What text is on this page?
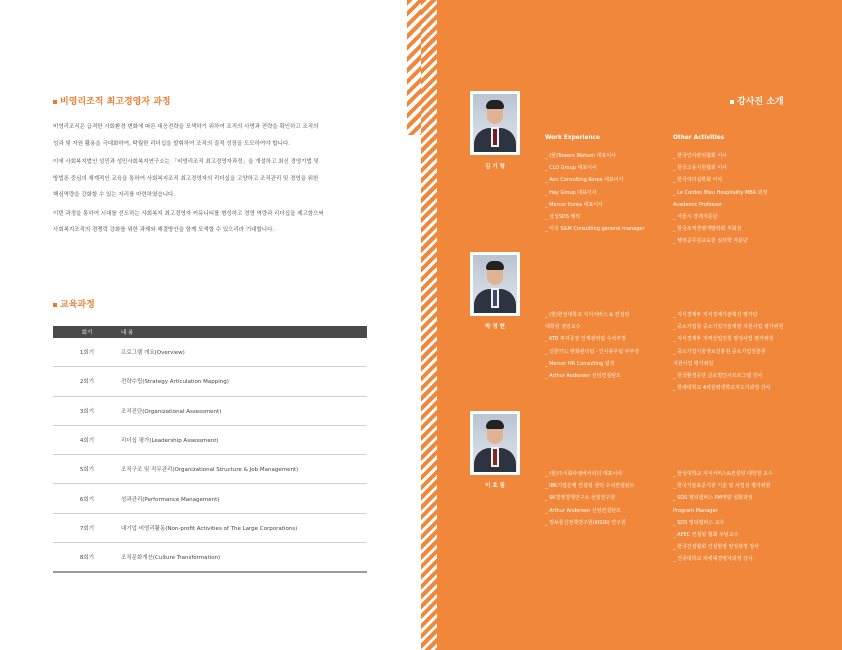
비영리조직 최고경영자 과정

비영리조직은 급격한 사회환경 변화에 따른 대응전략을 모색하기 위하여 조직의 사명과 전략을 확인하고 조직의

성과 및 자원 활용을 극대화하여, 탁월한 리더십을 발휘하여 조직의 질적 성장을 도모하여야 합니다.

이에 사회복지법인 성민과 성민사회복지연구소는 「비영리조직 최고경영자과정」을 개설하고 최신 경영기법 및

방법론 중심의 체계적인 교육을 통하여 사회복지조직 최고경영자의 리더십을 고양하고 조직관리 및 경영을 위한

핵심역량을 강화할 수 있는 자리를 마련하였습니다.

이번 과정을 통하여 시대를 선도하는 사회복지 최고경영자 커뮤니티를 형성하고 경영 역량과 리더십을 제고함으써

사회복지조직의 경쟁력 강화를 위한 과제와 해결방안을 함께 모색할 수 있으리라 기대합니다.

교육과정
회기	내 용
1회기	프로그램 개요(Overview)
2회기	전략수립(Strategy Articulation Mapping)
3회기	조직진단(Organizational Assessment)
4회기	리더십 평가(Leadership Assessment)
5회기	조직구조 및 직무관리(Organizational Structure & Job Management)
6회기	성과관리(Performance Management)
7회기	대기업 비영리활동(Non-profit Activities of The Large Corporations)
8회기	조직문화개선(Culture Transformation)
강사진 소개
Work Experience	Other Activities
김 기 형
_ (현)Towers Watson 대표이사
_ CLO Group 대표이사
_ Aon Consulting Korea 대표이사
_ Hay Group 대표이사
_ Mercer Korea 대표이사
_ 삼성SDS 해외
_ 미국 S&M Consulting general manager
_ 한국인사관리협회 이사
_ 한국고용지원협회 이사
_ 한국리더십학회 이사
_ Le Cordon Bleu Hospitality MBA 과정
Academic Professor
_ 서울시 경제자문단
_ 한국조직경영개발학회 부회장
_ 행정공무원교육원 심리학 자문단
박 정 현
_ (현)한성대학교 지식서비스 & 컨설팅
대학원 겸임교수
_ KTB 투자증권 인재관리팀 수석부장
_ 신한카드 변화관리팀 · 인사총무팀 부부장
_ Mercer HR Consulting 팀장
_ Arthur Andersen 선임컨설턴트
_ 지식경제부 지식경제기술혁신 평가단
_ 중소기업청 중소기업기술개발 지원사업 평가위원
_ 지식경제부 지역산업진흥 양성사업 평가위원
_ 중소기업기술정보진흥원 중소기업진흥원
지원사업 평가위원
_ 한국환경공단 글로벌인사프로그램 강사
_ 한세대학교 4차원평생학교지도자과정 강사
이 호 림
_ (현)주식회사엠버서리더 대표이사
_ IBK기업은행 컨설팅 센터 수석컨설턴트
_ SK경영경제연구소 선임연구원
_ Arthur Andersen 선임컨설턴트
_ 정보통신정책연구원(KISDI) 연구원
_ 한성대학교 지식서비스&컨설팅 대학원 교수
_ 한국기술표준기관 기술 및 사업성 평가위원
_ SDS 멀티캠퍼스 PM역량 심화과정
Program Manager
_ SDS 멀티캠퍼스 교수
_ APEC 컨설팅 협회 주임교수
_ 한국건설협회 건설현장 양성과정 강사
_ 건국대학교 차세대경영자과정 강사
